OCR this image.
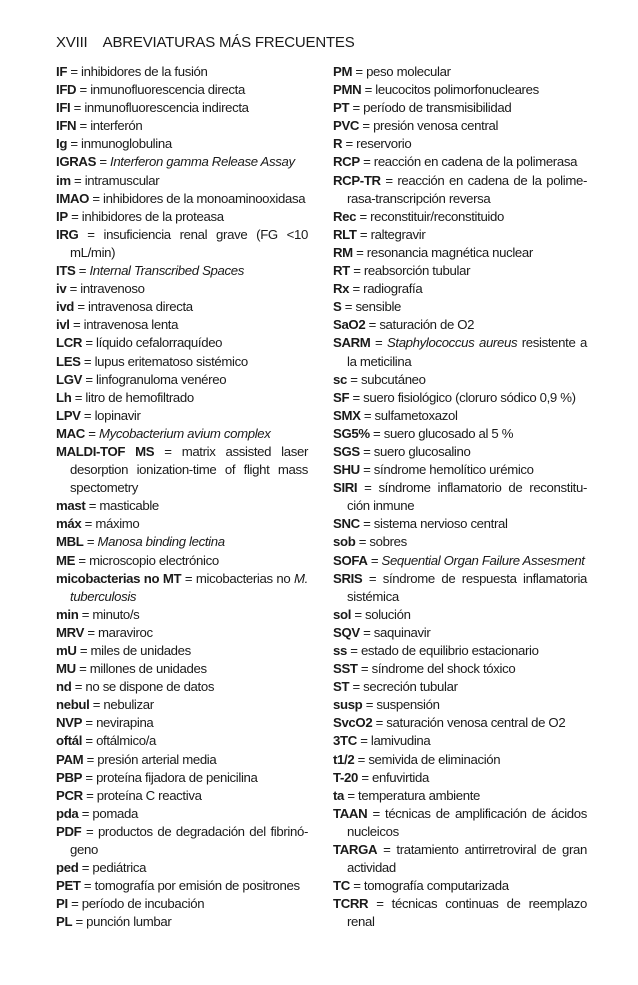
XVIII ABREVIATURAS MÁS FRECUENTES
IF = inhibidores de la fusión
IFD = inmunofluorescencia directa
IFI = inmunofluorescencia indirecta
IFN = interferón
Ig = inmunoglobulina
IGRAS = Interferon gamma Release Assay
im = intramuscular
IMAO = inhibidores de la monoaminooxidasa
IP = inhibidores de la proteasa
IRG = insuficiencia renal grave (FG <10 mL/min)
ITS = Internal Transcribed Spaces
iv = intravenoso
ivd = intravenosa directa
ivl = intravenosa lenta
LCR = líquido cefalorraquídeo
LES = lupus eritematoso sistémico
LGV = linfogranuloma venéreo
Lh = litro de hemofiltrado
LPV = lopinavir
MAC = Mycobacterium avium complex
MALDI-TOF MS = matrix assisted laser desorption ionization-time of flight mass spectometry
mast = masticable
máx = máximo
MBL = Manosa binding lectina
ME = microscopio electrónico
micobacterias no MT = micobacterias no M. tuberculosis
min = minuto/s
MRV = maraviroc
mU = miles de unidades
MU = millones de unidades
nd = no se dispone de datos
nebul = nebulizar
NVP = nevirapina
oftál = oftálmico/a
PAM = presión arterial media
PBP = proteína fijadora de penicilina
PCR = proteína C reactiva
pda = pomada
PDF = productos de degradación del fibrinó-geno
ped = pediátrica
PET = tomografía por emisión de positrones
PI = período de incubación
PL = punción lumbar
PM = peso molecular
PMN = leucocitos polimorfonucleares
PT = período de transmisibilidad
PVC = presión venosa central
R = reservorio
RCP = reacción en cadena de la polimerasa
RCP-TR = reacción en cadena de la polime-rasa-transcripción reversa
Rec = reconstituir/reconstituido
RLT = raltegravir
RM = resonancia magnética nuclear
RT = reabsorción tubular
Rx = radiografía
S = sensible
SaO2 = saturación de O2
SARM = Staphylococcus aureus resistente a la meticilina
sc = subcutáneo
SF = suero fisiológico (cloruro sódico 0,9 %)
SMX = sulfametoxazol
SG5% = suero glucosado al 5 %
SGS = suero glucosalino
SHU = síndrome hemolítico urémico
SIRI = síndrome inflamatorio de reconstitu-ción inmune
SNC = sistema nervioso central
sob = sobres
SOFA = Sequential Organ Failure Assesment
SRIS = síndrome de respuesta inflamatoria sistémica
sol = solución
SQV = saquinavir
ss = estado de equilibrio estacionario
SST = síndrome del shock tóxico
ST = secreción tubular
susp = suspensión
SvcO2 = saturación venosa central de O2
3TC = lamivudina
t1/2 = semivida de eliminación
T-20 = enfuvirtida
ta = temperatura ambiente
TAAN = técnicas de amplificación de ácidos nucleicos
TARGA = tratamiento antirretroviral de gran actividad
TC = tomografía computarizada
TCRR = técnicas continuas de reemplazo renal
